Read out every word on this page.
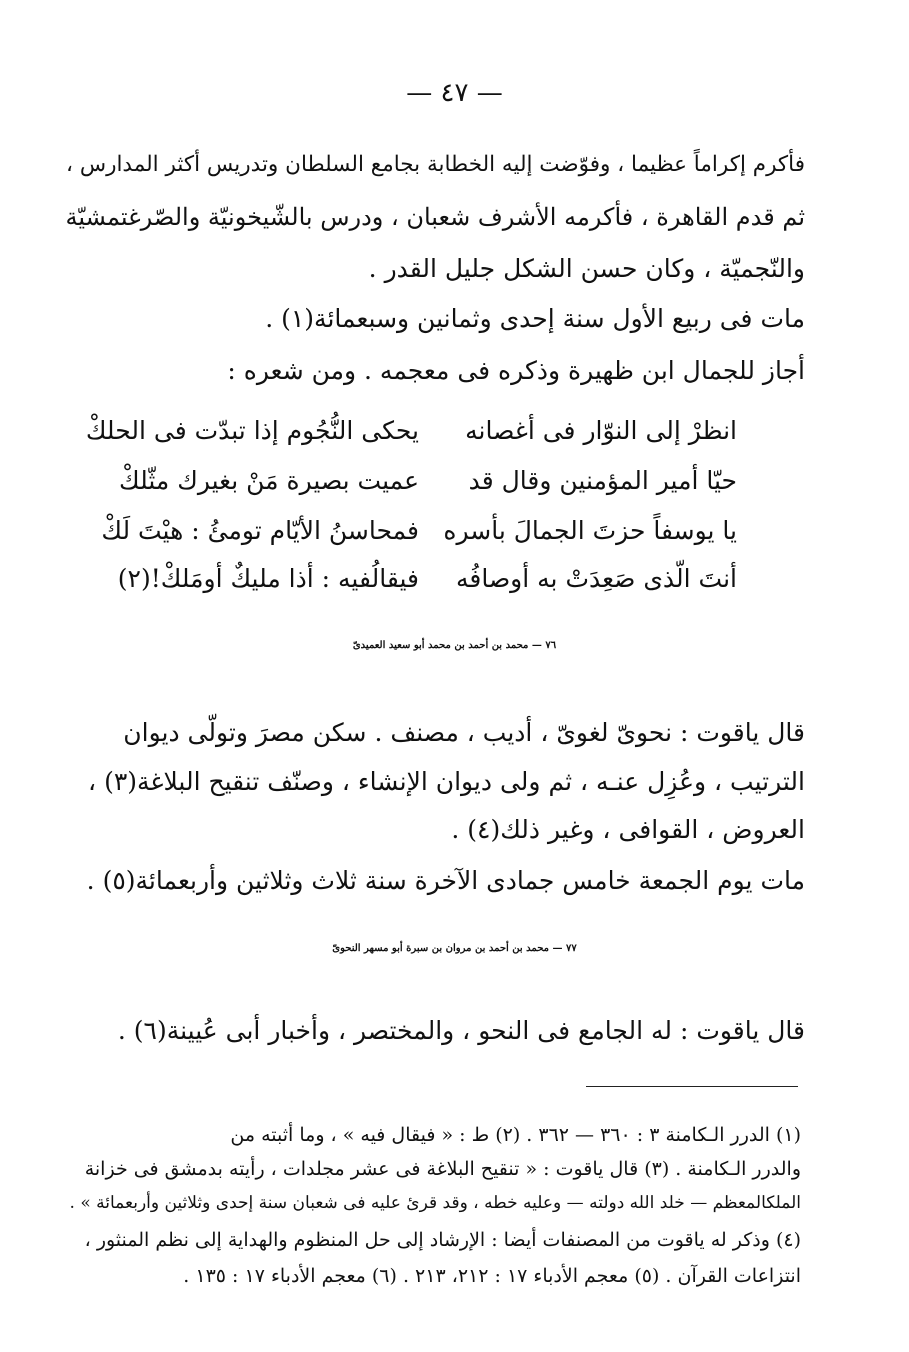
— ٤٧ —
فأكرم إكراماً عظيما ، وفوّضت إليه الخطابة بجامع السلطان وتدريس أكثر المدارس ،
ثم قدم القاهرة ، فأكرمه الأشرف شعبان ، ودرس بالشّيخونيّة والصّرغتمشيّة
والنّجميّة ، وكان حسن الشكل جليل القدر .
مات فى ربيع الأول سنة إحدى وثمانين وسبعمائة(١) .
أجاز للجمال ابن ظهيرة وذكره فى معجمه . ومن شعره :
انظرْ إلى النوّار فى أغصانه
يحكى النُّجُوم إذا تبدّت فى الحلكْ
حيّا أمير المؤمنين وقال قد
عميت بصيرة مَنْ بغيرك مثّلكْ
يا يوسفاً حزتَ الجمالَ بأسره
فمحاسنُ الأيّام تومئُ : هيْتَ لَكْ
أنتَ الّذى صَعِدَتْ به أوصافُه
فيقالُفيه : أذا مليكٌ أومَلكْ!(٢)
٧٦ — محمد بن أحمد بن محمد أبو سعيد العميدىّ
قال ياقوت : نحوىّ لغوىّ ، أديب ، مصنف . سكن مصرَ وتولّى ديوان
الترتيب ، وعُزِل عنـه ، ثم ولى ديوان الإنشاء ، وصنّف تنقيح البلاغة(٣) ،
العروض ، القوافى ، وغير ذلك(٤) .
مات يوم الجمعة خامس جمادى الآخرة سنة ثلاث وثلاثين وأربعمائة(٥) .
٧٧ — محمد بن أحمد بن مروان بن سبرة أبو مسهر النحوىّ
قال ياقوت : له الجامع فى النحو ، والمختصر ، وأخبار أبى عُيينة(٦) .
(١) الدرر الـكامنة ٣ : ٣٦٠ — ٣٦٢ . (٢) ط : « فيقال فيه » ، وما أثبته من
والدرر الـكامنة . (٣) قال ياقوت : « تنقيح البلاغة فى عشر مجلدات ، رأيته بدمشق فى خزانة
الملكالمعظم — خلد الله دولته — وعليه خطه ، وقد قرئ عليه فى شعبان سنة إحدى وثلاثين وأربعمائة » .
(٤) وذكر له ياقوت من المصنفات أيضا : الإرشاد إلى حل المنظوم والهداية إلى نظم المنثور ،
انتزاعات القرآن . (٥) معجم الأدباء ١٧ : ٢١٢، ٢١٣ . (٦) معجم الأدباء ١٧ : ١٣٥ .
